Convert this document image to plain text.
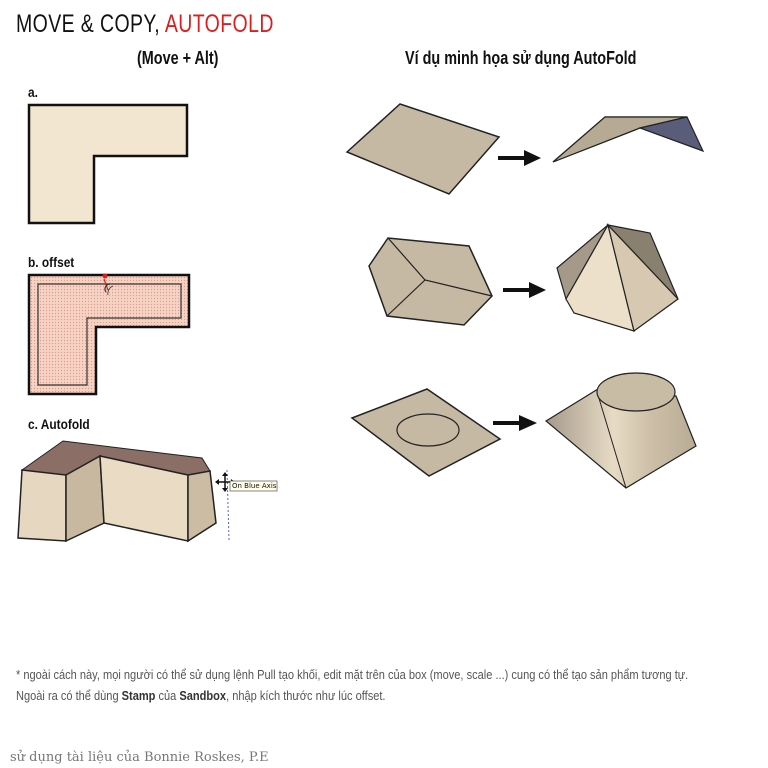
MOVE & COPY, AUTOFOLD
(Move + Alt)	Ví dụ minh họa sử dụng AutoFold
a.
b. offset
c. Autofold
On Blue Axis
* ngoài cách này, mọi người có thể sử dụng lệnh Pull tạo khối, edit mặt trên của box (move, scale ...) cung có thể tạo sản phẩm tương tự.
Ngoài ra có thể dùng Stamp của Sandbox, nhập kích thước như lúc offset.
sử dụng tài liệu của Bonnie Roskes, P.E
